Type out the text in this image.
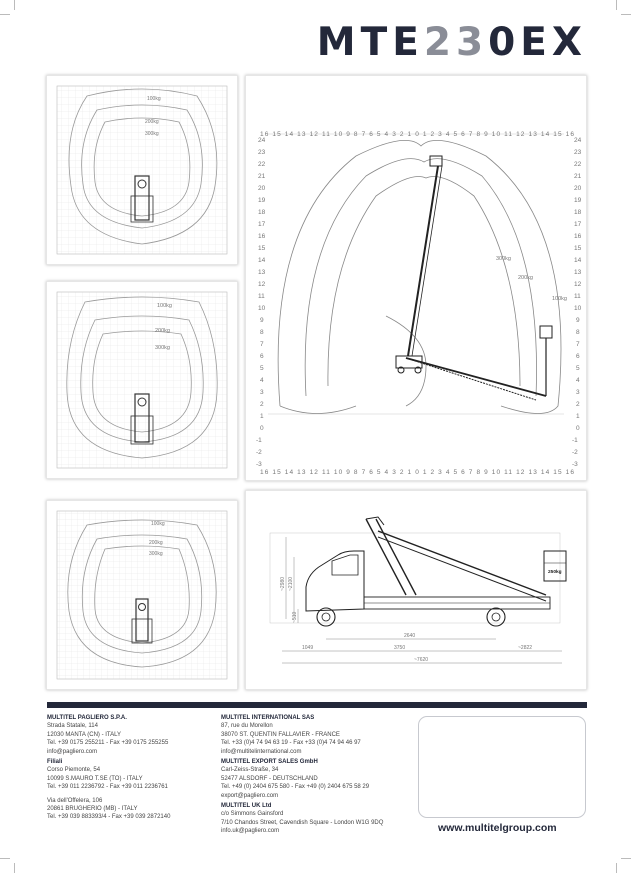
MTE230EX
100kg
200kg
300kg
100kg
200kg
300kg
100kg
200kg
300kg
24
23
22
21
20
19
18
17
16
15
14
13
12
11
10
9
8
7
6
5
4
3
2
1
0
-1
-2
-3
24
23
22
21
20
19
18
17
16
15
14
13
12
11
10
9
8
7
6
5
4
3
2
1
0
-1
-2
-3
16 15 14 13 12 11 10 9 8 7 6 5 4 3 2 1 0 1 2 3 4 5 6 7 8 9 10 11 12 13 14 15 16
16 15 14 13 12 11 10 9 8 7 6 5 4 3 2 1 0 1 2 3 4 5 6 7 8 9 10 11 12 13 14 15 16
300kg
200kg
100kg
250kg
~2980 ~2100
~510
2640
1049	3750	~2822
~7620
MULTITEL PAGLIERO S.P.A.
Strada Statale, 114
12030 MANTA (CN) - ITALY
Tel. +39 0175 255211 - Fax +39 0175 255255
info@pagliero.com
Filiali
Corso Piemonte, 54
10099 S.MAURO T.SE (TO) - ITALY
Tel. +39 011 2236792 - Fax +39 011 2236761
Via dell'Offelera, 106
20861 BRUGHERIO (MB) - ITALY
Tel. +39 039 883393/4 - Fax +39 039 2872140
MULTITEL INTERNATIONAL SAS
87, rue du Morellon
38070 ST. QUENTIN FALLAVIER - FRANCE
Tel. +33 (0)4 74 94 63 19 - Fax +33 (0)4 74 94 46 97
info@multitelinternational.com
MULTITEL EXPORT SALES GmbH
Carl-Zeiss-Straße, 34
52477 ALSDORF - DEUTSCHLAND
Tel. +49 (0) 2404 675 580 - Fax +49 (0) 2404 675 58 29
export@pagliero.com
MULTITEL UK Ltd
c/o Simmons Gainsford
7/10 Chandos Street, Cavendish Square - London W1G 9DQ
info.uk@pagliero.com	www.multitelgroup.com
